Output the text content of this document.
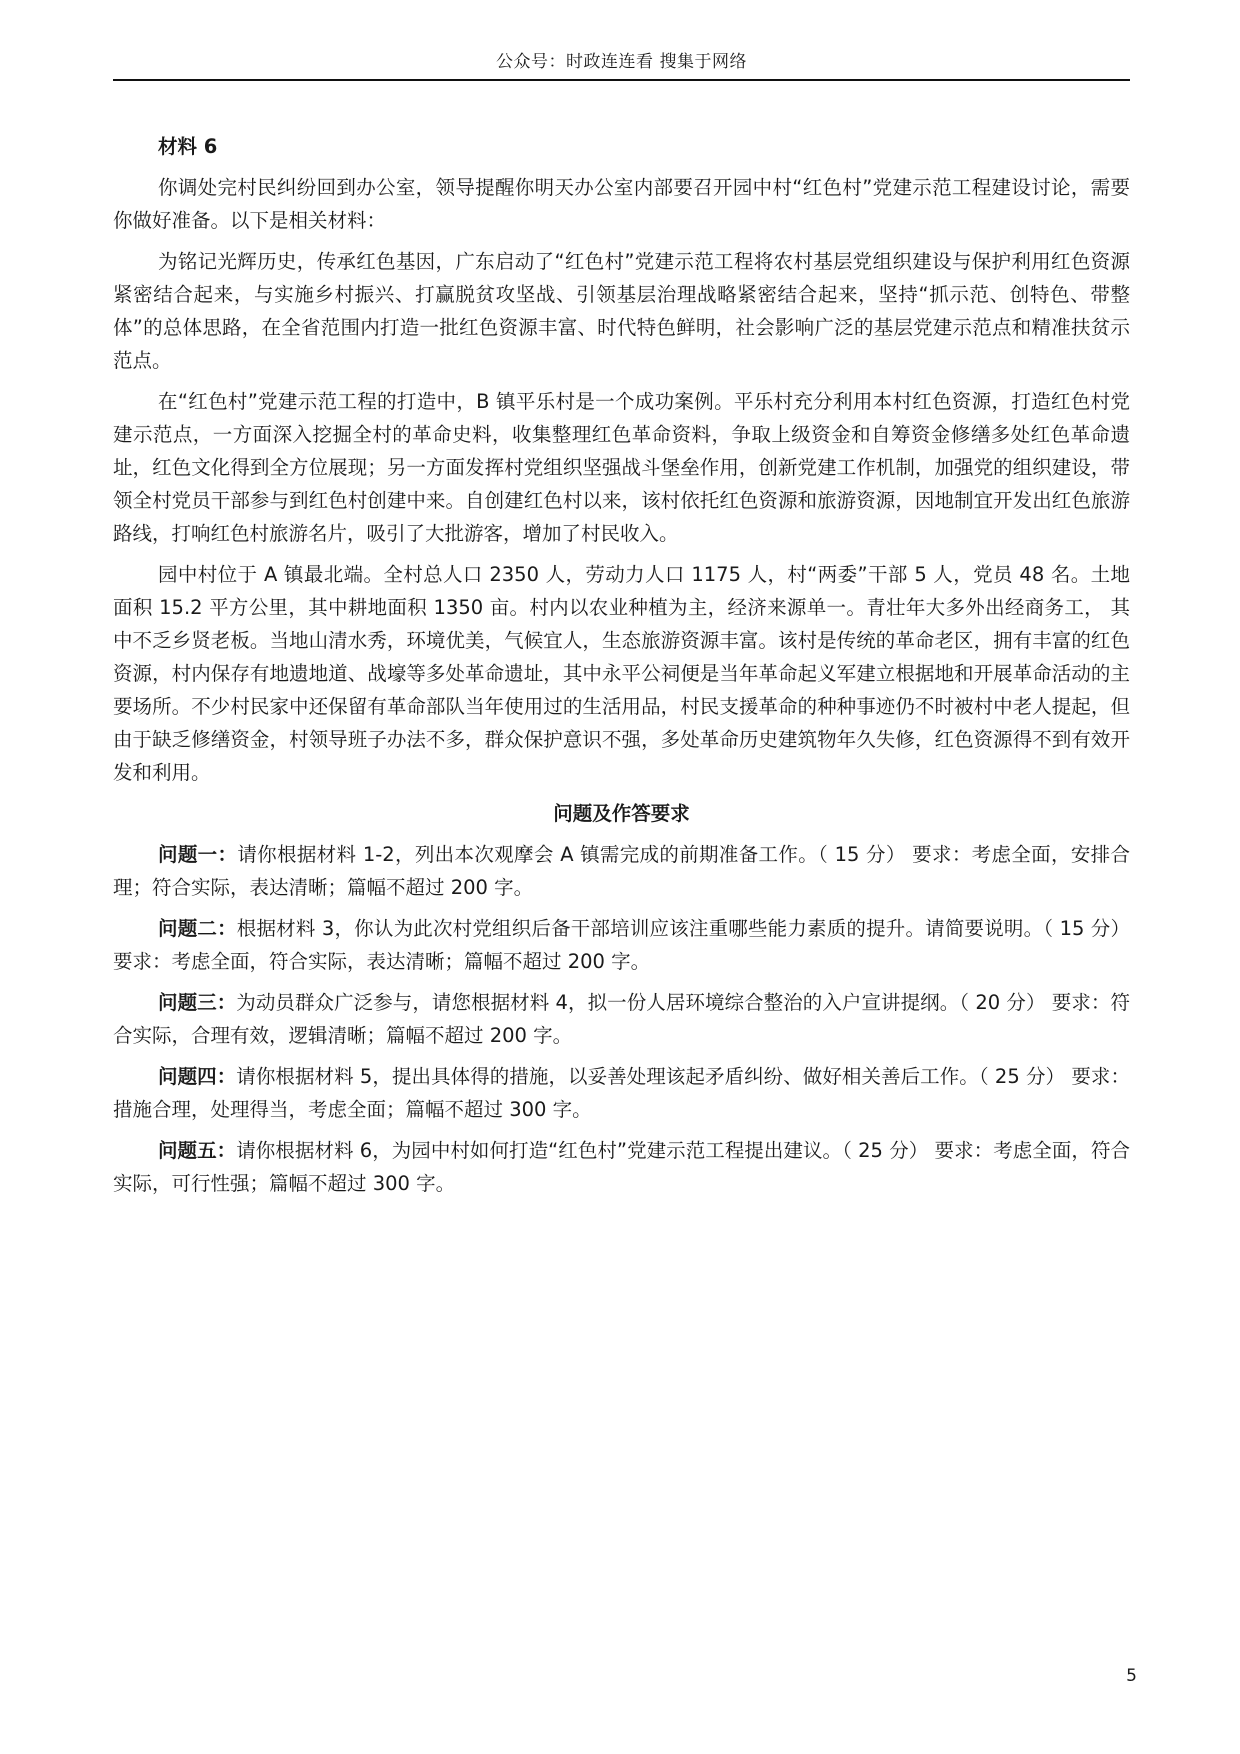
公众号：时政连连看 搜集于网络

材料 6

你调处完村民纠纷回到办公室，领导提醒你明天办公室内部要召开园中村“红色村”党建示范工程建设讨论，需要你做好准备。以下是相关材料：

为铭记光辉历史，传承红色基因，广东启动了“红色村”党建示范工程将农村基层党组织建设与保护利用红色资源紧密结合起来，与实施乡村振兴、打赢脱贫攻坚战、引领基层治理战略紧密结合起来，坚持“抓示范、创特色、带整体”的总体思路，在全省范围内打造一批红色资源丰富、时代特色鲜明，社会影响广泛的基层党建示范点和精准扶贫示范点。

在“红色村”党建示范工程的打造中，B 镇平乐村是一个成功案例。平乐村充分利用本村红色资源，打造红色村党建示范点，一方面深入挖掘全村的革命史料，收集整理红色革命资料，争取上级资金和自筹资金修缮多处红色革命遗址，红色文化得到全方位展现；另一方面发挥村党组织坚强战斗堡垒作用，创新党建工作机制，加强党的组织建设，带领全村党员干部参与到红色村创建中来。自创建红色村以来，该村依托红色资源和旅游资源，因地制宜开发出红色旅游路线，打响红色村旅游名片，吸引了大批游客，增加了村民收入。

园中村位于 A 镇最北端。全村总人口 2350 人，劳动力人口 1175 人，村“两委”干部 5 人，党员 48 名。土地面积 15.2 平方公里，其中耕地面积 1350 亩。村内以农业种植为主，经济来源单一。青壮年大多外出经商务工， 其中不乏乡贤老板。当地山清水秀，环境优美，气候宜人，生态旅游资源丰富。该村是传统的革命老区，拥有丰富的红色资源，村内保存有地遗地道、战壕等多处革命遗址，其中永平公祠便是当年革命起义军建立根据地和开展革命活动的主要场所。不少村民家中还保留有革命部队当年使用过的生活用品，村民支援革命的种种事迹仍不时被村中老人提起，但由于缺乏修缮资金，村领导班子办法不多，群众保护意识不强，多处革命历史建筑物年久失修，红色资源得不到有效开发和利用。

问题及作答要求

问题一：请你根据材料 1-2，列出本次观摩会 A 镇需完成的前期准备工作。（ 15 分） 要求：考虑全面，安排合理；符合实际，表达清晰；篇幅不超过 200 字。

问题二：根据材料 3，你认为此次村党组织后备干部培训应该注重哪些能力素质的提升。请简要说明。（ 15 分） 要求：考虑全面，符合实际，表达清晰；篇幅不超过 200 字。

问题三：为动员群众广泛参与，请您根据材料 4，拟一份人居环境综合整治的入户宣讲提纲。（ 20 分） 要求：符合实际，合理有效，逻辑清晰；篇幅不超过 200 字。

问题四：请你根据材料 5，提出具体得的措施，以妥善处理该起矛盾纠纷、做好相关善后工作。（ 25 分） 要求：措施合理，处理得当，考虑全面；篇幅不超过 300 字。

问题五：请你根据材料 6，为园中村如何打造“红色村”党建示范工程提出建议。（ 25 分） 要求：考虑全面，符合实际，可行性强；篇幅不超过 300 字。

5
